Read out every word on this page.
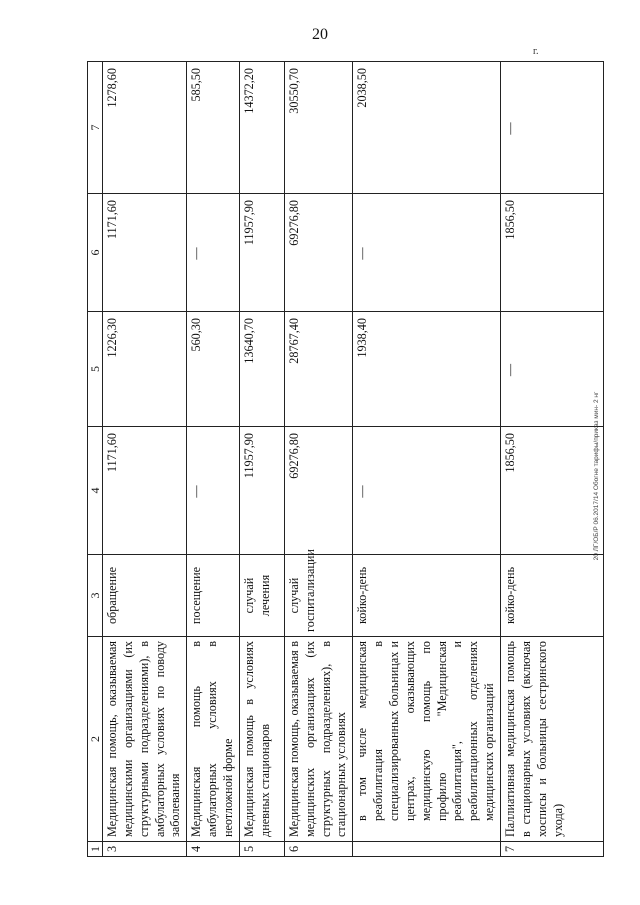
20
г.
20 ЛГ/ОБ/Р 06.2017/14 Обогне тарифы/приказ мин- 2 нг
1	2	3	4	5	6	7
3	Медицинская помощь, оказываемая медицинскими организациями (их структурными подразделениями), в амбулаторных условиях по поводу заболевания	обращение	1171,60	1226,30	1171,60	1278,60
4	Медицинская помощь в амбулаторных условиях в неотложной форме	посещение	—	560,30	—	585,50
5	Медицинская помощь в условиях дневных стационаров	случай лечения	11957,90	13640,70	11957,90	14372,20
6	Медицинская помощь, оказываемая в медицинских организациях (их структурных подразделениях), в стационарных условиях	случай госпитализации	69276,80	28767,40	69276,80	30550,70
	в том числе медицинская реабилитация в специализированных больницах и центрах, оказывающих медицинскую помощь по профилю "Медицинская реабилитация", и реабилитационных отделениях медицинских организаций	койко-день	—	1938,40	—	2038,50
7	Паллиативная медицинская помощь в стационарных условиях (включая хосписы и больницы сестринского ухода)	койко-день	1856,50	—	1856,50	—
